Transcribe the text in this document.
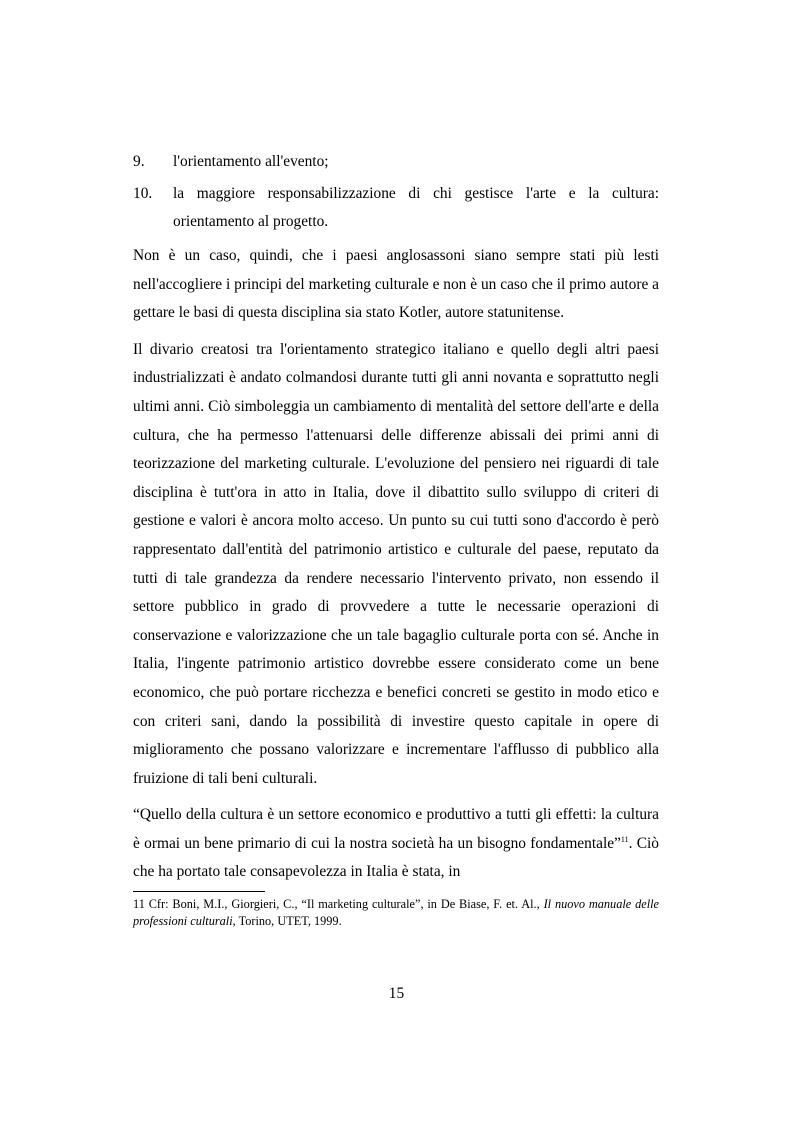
9.	l'orientamento all'evento;
10.	la maggiore responsabilizzazione di chi gestisce l'arte e la cultura: orientamento al progetto.

Non è un caso, quindi, che i paesi anglosassoni siano sempre stati più lesti nell'accogliere i principi del marketing culturale e non è un caso che il primo autore a gettare le basi di questa disciplina sia stato Kotler, autore statunitense.

Il divario creatosi tra l'orientamento strategico italiano e quello degli altri paesi industrializzati è andato colmandosi durante tutti gli anni novanta e soprattutto negli ultimi anni. Ciò simboleggia un cambiamento di mentalità del settore dell'arte e della cultura, che ha permesso l'attenuarsi delle differenze abissali dei primi anni di teorizzazione del marketing culturale. L'evoluzione del pensiero nei riguardi di tale disciplina è tutt'ora in atto in Italia, dove il dibattito sullo sviluppo di criteri di gestione e valori è ancora molto acceso. Un punto su cui tutti sono d'accordo è però rappresentato dall'entità del patrimonio artistico e culturale del paese, reputato da tutti di tale grandezza da rendere necessario l'intervento privato, non essendo il settore pubblico in grado di provvedere a tutte le necessarie operazioni di conservazione e valorizzazione che un tale bagaglio culturale porta con sé. Anche in Italia, l'ingente patrimonio artistico dovrebbe essere considerato come un bene economico, che può portare ricchezza e benefici concreti se gestito in modo etico e con criteri sani, dando la possibilità di investire questo capitale in opere di miglioramento che possano valorizzare e incrementare l'afflusso di pubblico alla fruizione di tali beni culturali.

“Quello della cultura è un settore economico e produttivo a tutti gli effetti: la cultura è ormai un bene primario di cui la nostra società ha un bisogno fondamentale”$^{11}$. Ciò che ha portato tale consapevolezza in Italia è stata, in

11 Cfr: Boni, M.I., Giorgieri, C., “Il marketing culturale”, in De Biase, F. et. Al., Il nuovo manuale delle professioni culturali, Torino, UTET, 1999.
15
